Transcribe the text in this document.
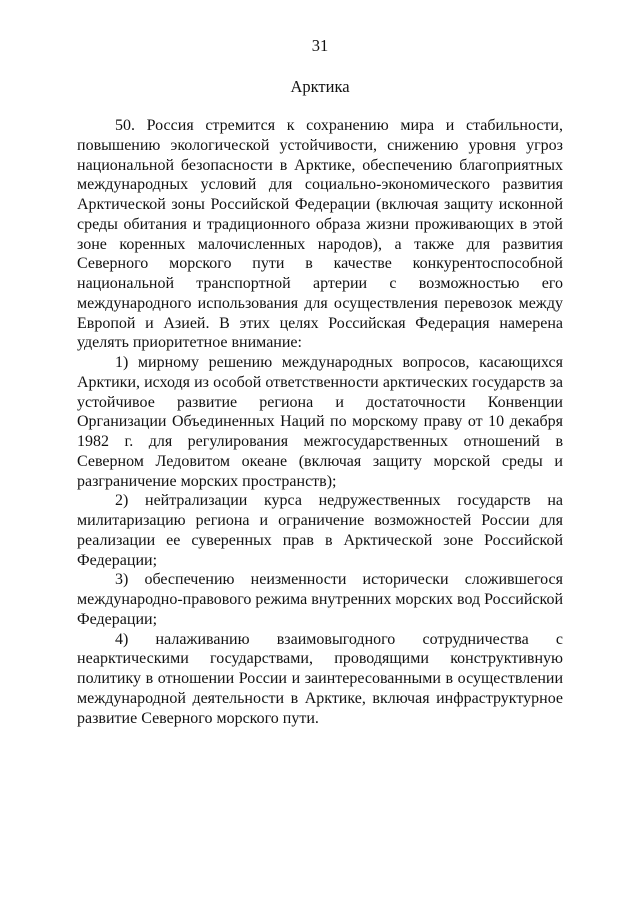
31
Арктика

50. Россия стремится к сохранению мира и стабильности, повышению экологической устойчивости, снижению уровня угроз национальной безопасности в Арктике, обеспечению благоприятных международных условий для социально-экономического развития Арктической зоны Российской Федерации (включая защиту исконной среды обитания и традиционного образа жизни проживающих в этой зоне коренных малочисленных народов), а также для развития Северного морского пути в качестве конкурентоспособной национальной транспортной артерии с возможностью его международного использования для осуществления перевозок между Европой и Азией. В этих целях Российская Федерация намерена уделять приоритетное внимание:

1) мирному решению международных вопросов, касающихся Арктики, исходя из особой ответственности арктических государств за устойчивое развитие региона и достаточности Конвенции Организации Объединенных Наций по морскому праву от 10 декабря 1982 г. для регулирования межгосударственных отношений в Северном Ледовитом океане (включая защиту морской среды и разграничение морских пространств);

2) нейтрализации курса недружественных государств на милитаризацию региона и ограничение возможностей России для реализации ее суверенных прав в Арктической зоне Российской Федерации;

3) обеспечению неизменности исторически сложившегося международно-правового режима внутренних морских вод Российской Федерации;

4) налаживанию взаимовыгодного сотрудничества с неарктическими государствами, проводящими конструктивную политику в отношении России и заинтересованными в осуществлении международной деятельности в Арктике, включая инфраструктурное развитие Северного морского пути.
